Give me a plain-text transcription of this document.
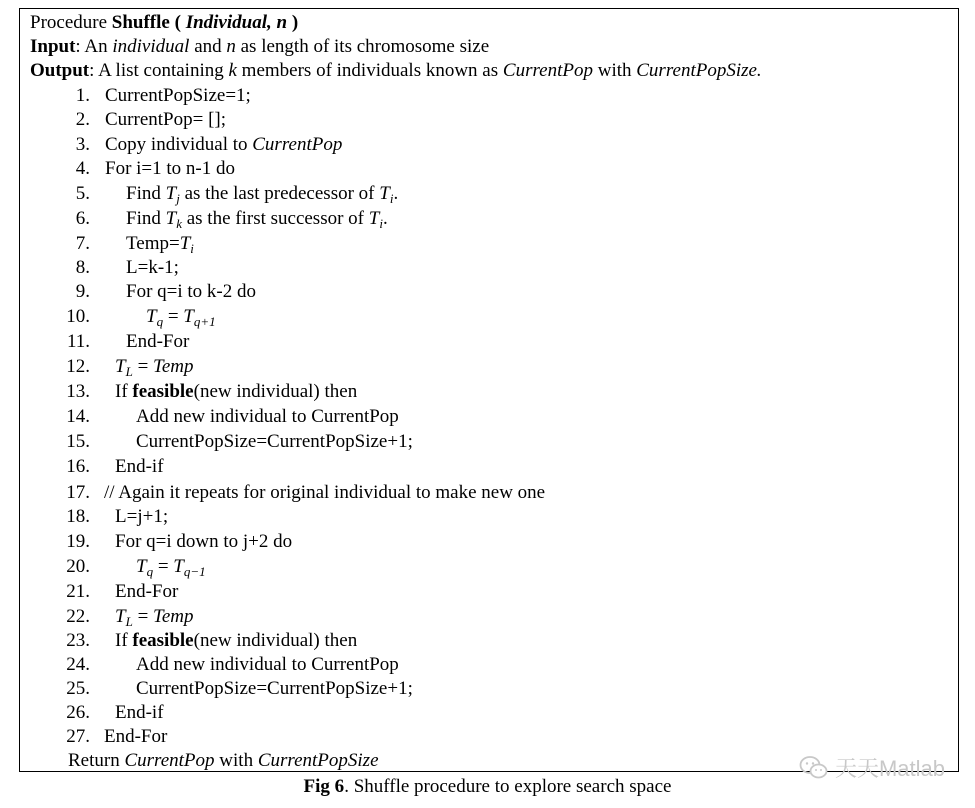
Procedure Shuffle ( Individual, n )
Input: An individual and n as length of its chromosome size
Output: A list containing k members of individuals known as CurrentPop with CurrentPopSize.
1. CurrentPopSize=1;
2. CurrentPop= [];
3. Copy individual to CurrentPop
4. For i=1 to n-1 do
5. Find $T_j$ as the last predecessor of $T_i$.
6. Find $T_k$ as the first successor of $T_i$.
7. $Temp=T_i$
8. L=k-1;
9. For q=i to k-2 do
10.	$T_q = T_{q+1}$
11. End-For
12. $T_L$ = Temp
13. If feasible(new individual) then
14. Add new individual to CurrentPop
15. CurrentPopSize=CurrentPopSize+1;
16. End-if
17. // Again it repeats for original individual to make new one
18. L=j+1;
19. For q=i down to j+2 do
20. $T_q = T_{q-1}$
21. End-For
22. $T_L$ = Temp
23. If feasible(new individual) then
24. Add new individual to CurrentPop
25. CurrentPopSize=CurrentPopSize+1;
26. End-if
27. End-For
Return CurrentPop with CurrentPopSize	天天Matlab
Fig 6. Shuffle procedure to explore search space
